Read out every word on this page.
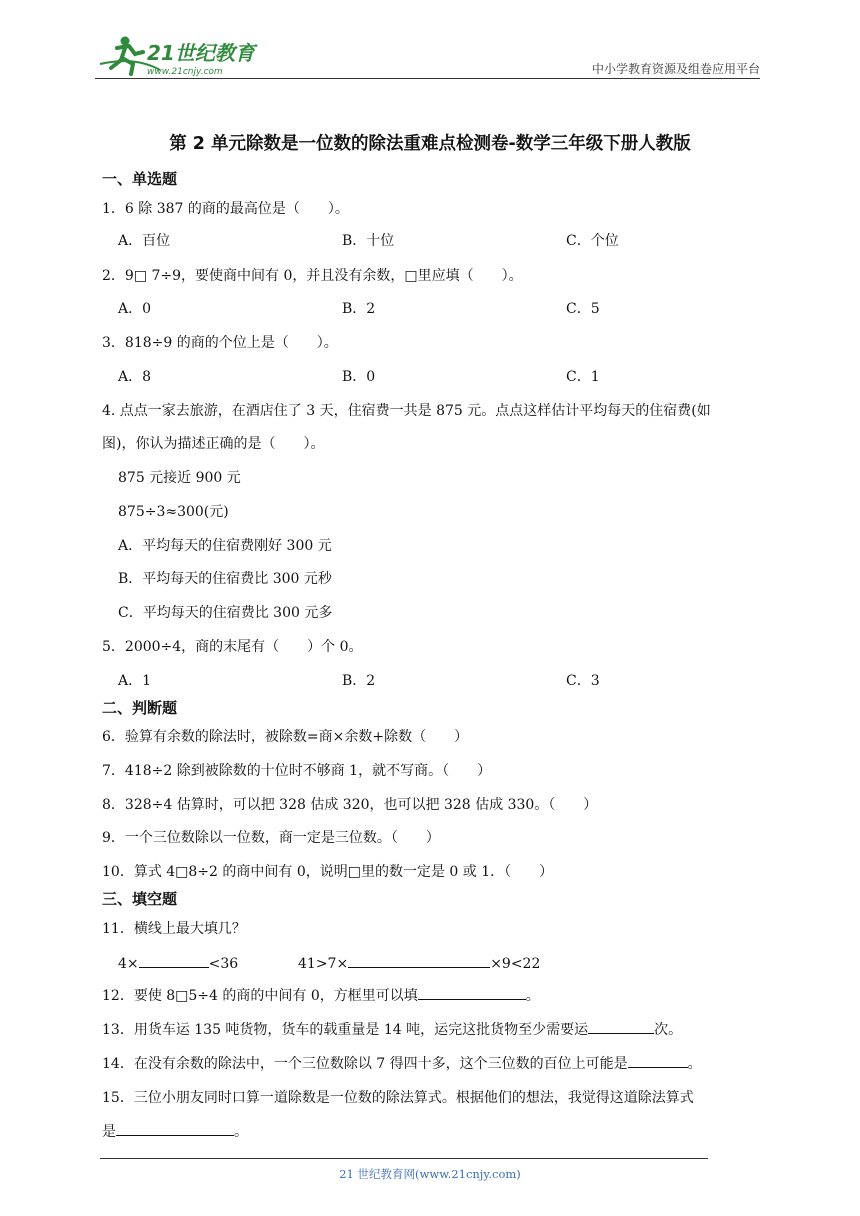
21世纪教育
www.21cnjy.com	中小学教育资源及组卷应用平台
第 2 单元除数是一位数的除法重难点检测卷-数学三年级下册人教版
一、单选题
1．6 除 387 的商的最高位是（　　）。
A．百位	B．十位	C．个位
2．9□ 7÷9，要使商中间有 0，并且没有余数，□里应填（　　）。
A．0	B．2	C．5
3．818÷9 的商的个位上是（　　）。
A．8	B．0	C．1
4. 点点一家去旅游，在酒店住了 3 天，住宿费一共是 875 元。点点这样估计平均每天的住宿费(如
图)，你认为描述正确的是（　　）。
875 元接近 900 元
875÷3≈300(元)
A．平均每天的住宿费刚好 300 元
B．平均每天的住宿费比 300 元秒
C．平均每天的住宿费比 300 元多
5．2000÷4，商的末尾有（　　）个 0。
A．1	B．2	C．3
二、判断题
6．验算有余数的除法时，被除数=商×余数+除数（　　）
7．418÷2 除到被除数的十位时不够商 1，就不写商。（　　）
8．328÷4 估算时，可以把 328 估成 320，也可以把 328 估成 330。（　　）
9．一个三位数除以一位数，商一定是三位数。（　　）
10．算式 4□8÷2 的商中间有 0，说明□里的数一定是 0 或 1．（　　）
三、填空题
11．横线上最大填几？
4×	<36	41>7×	×9<22
12．要使 8□5÷4 的商的中间有 0，方框里可以填	。
13．用货车运 135 吨货物，货车的载重量是 14 吨，运完这批货物至少需要运	次。
14．在没有余数的除法中，一个三位数除以 7 得四十多，这个三位数的百位上可能是	。
15．三位小朋友同时口算一道除数是一位数的除法算式。根据他们的想法，我觉得这道除法算式
是	。
21 世纪教育网(www.21cnjy.com)
